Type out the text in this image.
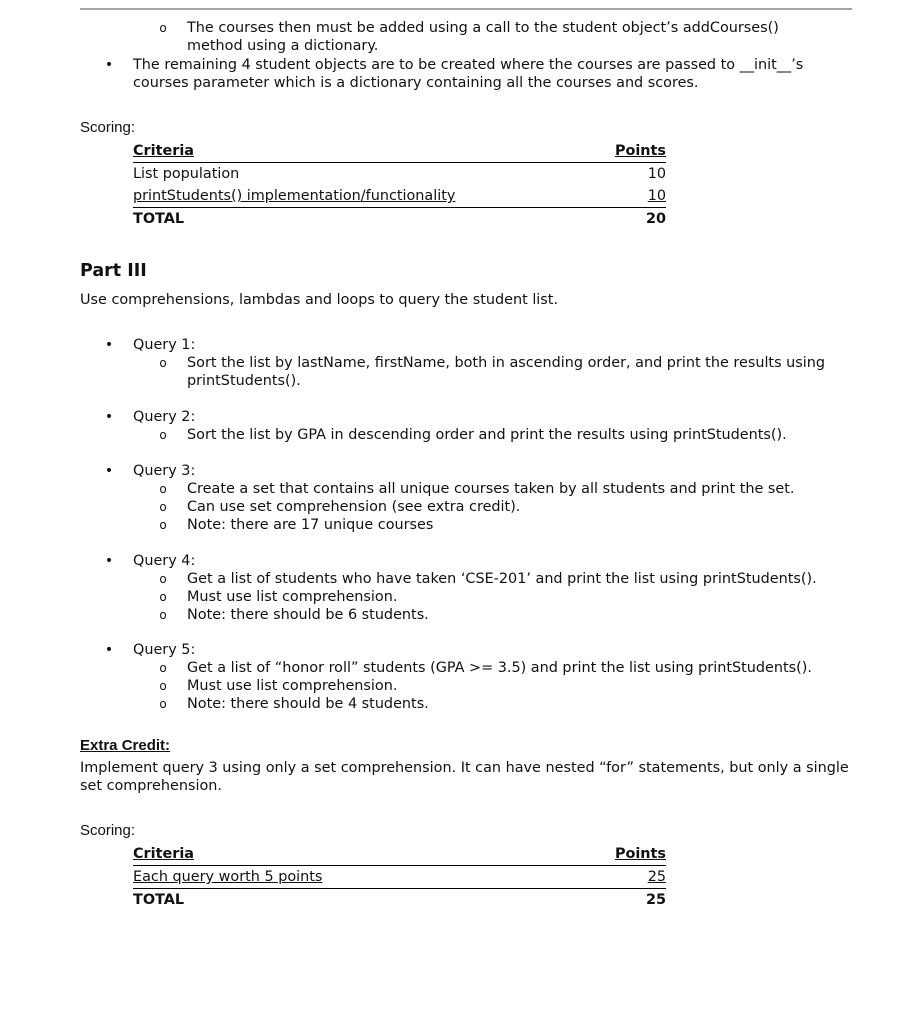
o
The courses then must be added using a call to the student object’s addCourses() method using a dictionary.
•
The remaining 4 student objects are to be created where the courses are passed to __init__’s courses parameter which is a dictionary containing all the courses and scores.
Scoring:
Criteria	Points
List population	10
printStudents() implementation/functionality	10
TOTAL	20
Part III
Use comprehensions, lambdas and loops to query the student list.
•
Query 1:
o
Sort the list by lastName, firstName, both in ascending order, and print the results using printStudents().
•
Query 2:
o
Sort the list by GPA in descending order and print the results using printStudents().
•
Query 3:
o
Create a set that contains all unique courses taken by all students and print the set.
o
Can use set comprehension (see extra credit).
o
Note: there are 17 unique courses
•
Query 4:
o
Get a list of students who have taken ‘CSE-201’ and print the list using printStudents().
o
Must use list comprehension.
o
Note: there should be 6 students.
•
Query 5:
o
Get a list of “honor roll” students (GPA >= 3.5) and print the list using printStudents().
o
Must use list comprehension.
o
Note: there should be 4 students.
Extra Credit:
Implement query 3 using only a set comprehension. It can have nested “for” statements, but only a single set comprehension.
Scoring:
Criteria	Points
Each query worth 5 points	25
TOTAL	25
